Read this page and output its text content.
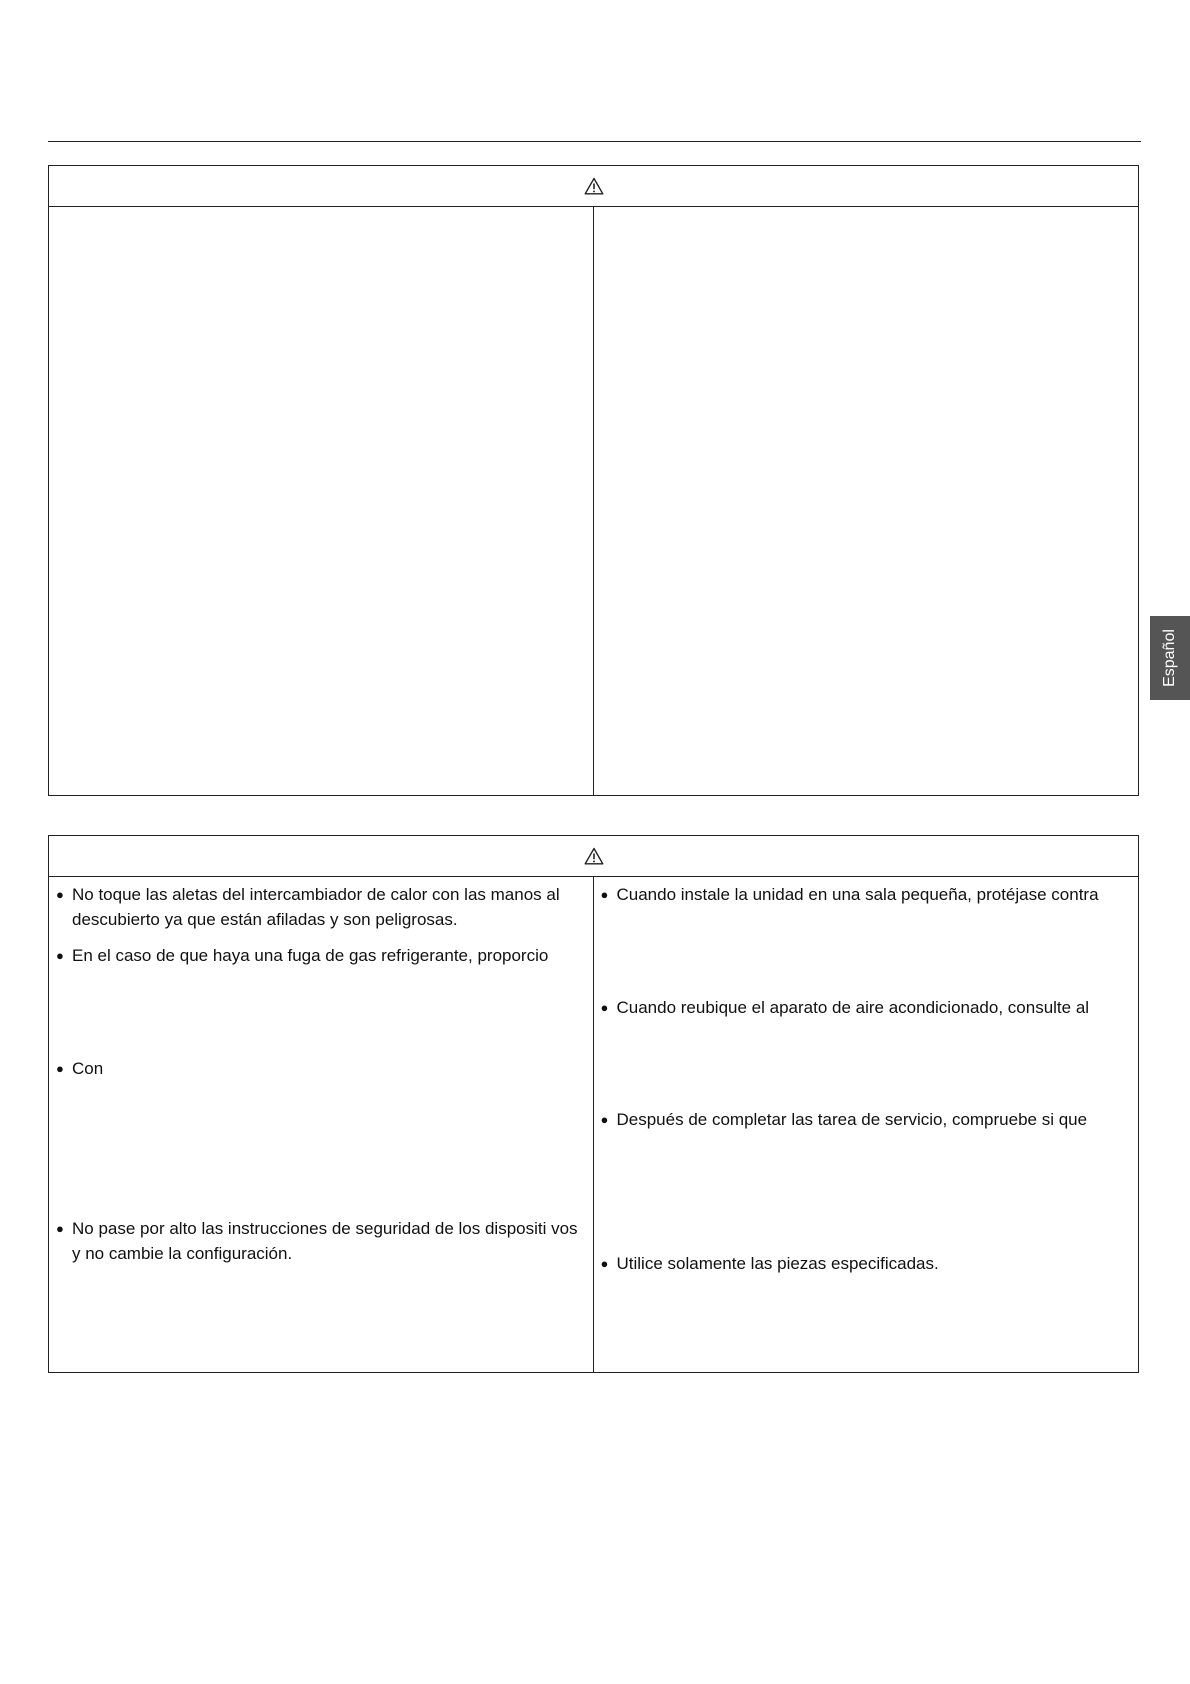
● No toque las aletas del intercambiador de calor con las manos al descubierto ya que están afiladas y son peligrosas.
● En el caso de que haya una fuga de gas refrigerante, proporcio
● Con
● No pase por alto las instrucciones de seguridad de los dispositi vos y no cambie la configuración.
● Cuando instale la unidad en una sala pequeña, protéjase contra
● Cuando reubique el aparato de aire acondicionado, consulte al
● Después de completar las tarea de servicio, compruebe si que
● Utilice solamente las piezas especificadas.
Español
